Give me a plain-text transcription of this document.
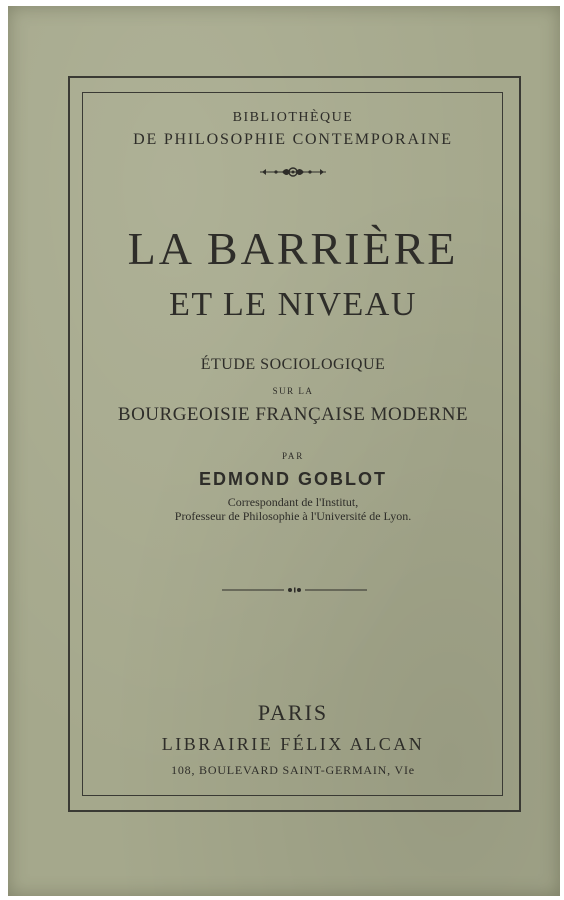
BIBLIOTHÈQUE
DE PHILOSOPHIE CONTEMPORAINE
LA BARRIÈRE
ET LE NIVEAU
ÉTUDE SOCIOLOGIQUE
SUR LA
BOURGEOISIE FRANÇAISE MODERNE
PAR
EDMOND GOBLOT
Correspondant de l'Institut,
Professeur de Philosophie à l'Université de Lyon.
PARIS
LIBRAIRIE FÉLIX ALCAN
108, BOULEVARD SAINT-GERMAIN, VIe
